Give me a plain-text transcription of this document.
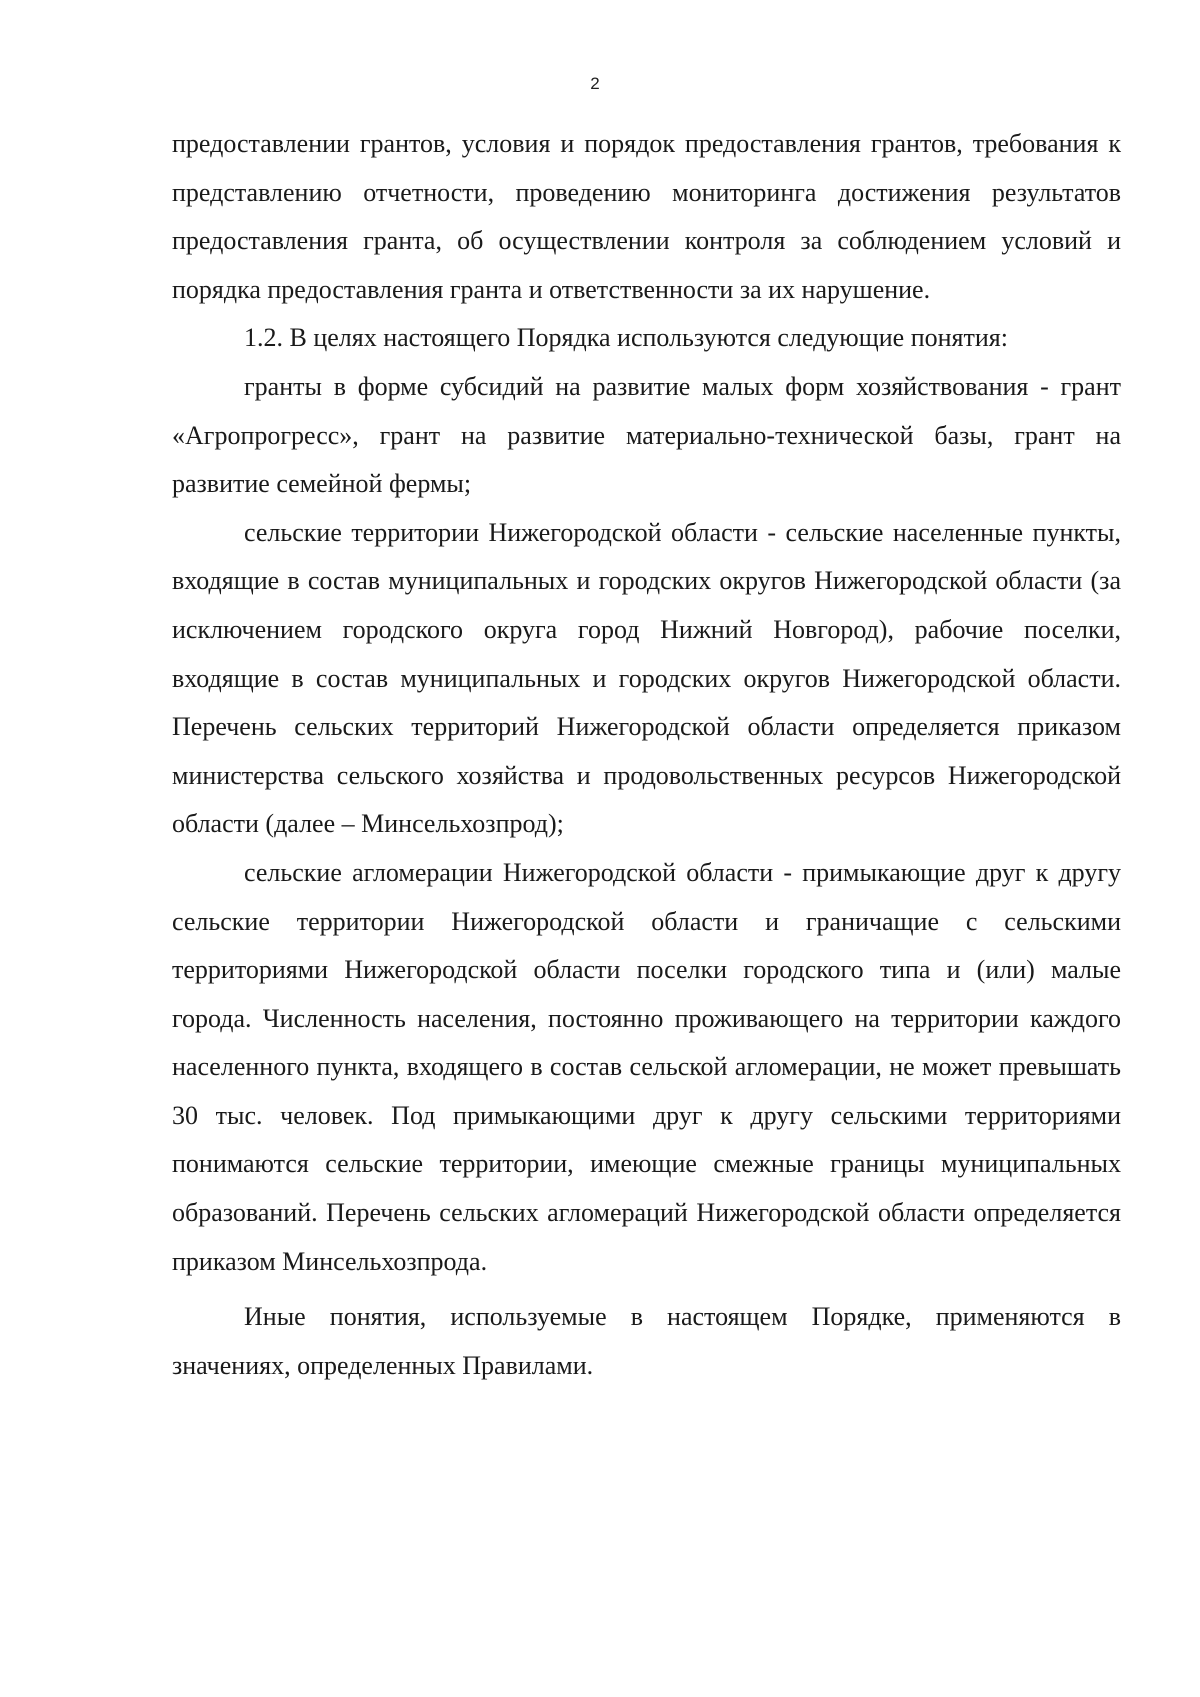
2

предоставлении грантов, условия и порядок предоставления грантов, требования к представлению отчетности, проведению мониторинга достижения результатов предоставления гранта, об осуществлении контроля за соблюдением условий и порядка предоставления гранта и ответственности за их нарушение.

1.2. В целях настоящего Порядка используются следующие понятия:

гранты в форме субсидий на развитие малых форм хозяйствования - грант «Агропрогресс», грант на развитие материально-технической базы, грант на развитие семейной фермы;

сельские территории Нижегородской области - сельские населенные пункты, входящие в состав муниципальных и городских округов Нижегородской области (за исключением городского округа город Нижний Новгород), рабочие поселки, входящие в состав муниципальных и городских округов Нижегородской области. Перечень сельских территорий Нижегородской области определяется приказом министерства сельского хозяйства и продовольственных ресурсов Нижегородской области (далее – Минсельхозпрод);

сельские агломерации Нижегородской области - примыкающие друг к другу сельские территории Нижегородской области и граничащие с сельскими территориями Нижегородской области поселки городского типа и (или) малые города. Численность населения, постоянно проживающего на территории каждого населенного пункта, входящего в состав сельской агломерации, не может превышать 30 тыс. человек. Под примыкающими друг к другу сельскими территориями понимаются сельские территории, имеющие смежные границы муниципальных образований. Перечень сельских агломераций Нижегородской области определяется приказом Минсельхозпрода.

Иные понятия, используемые в настоящем Порядке, применяются в значениях, определенных Правилами.
